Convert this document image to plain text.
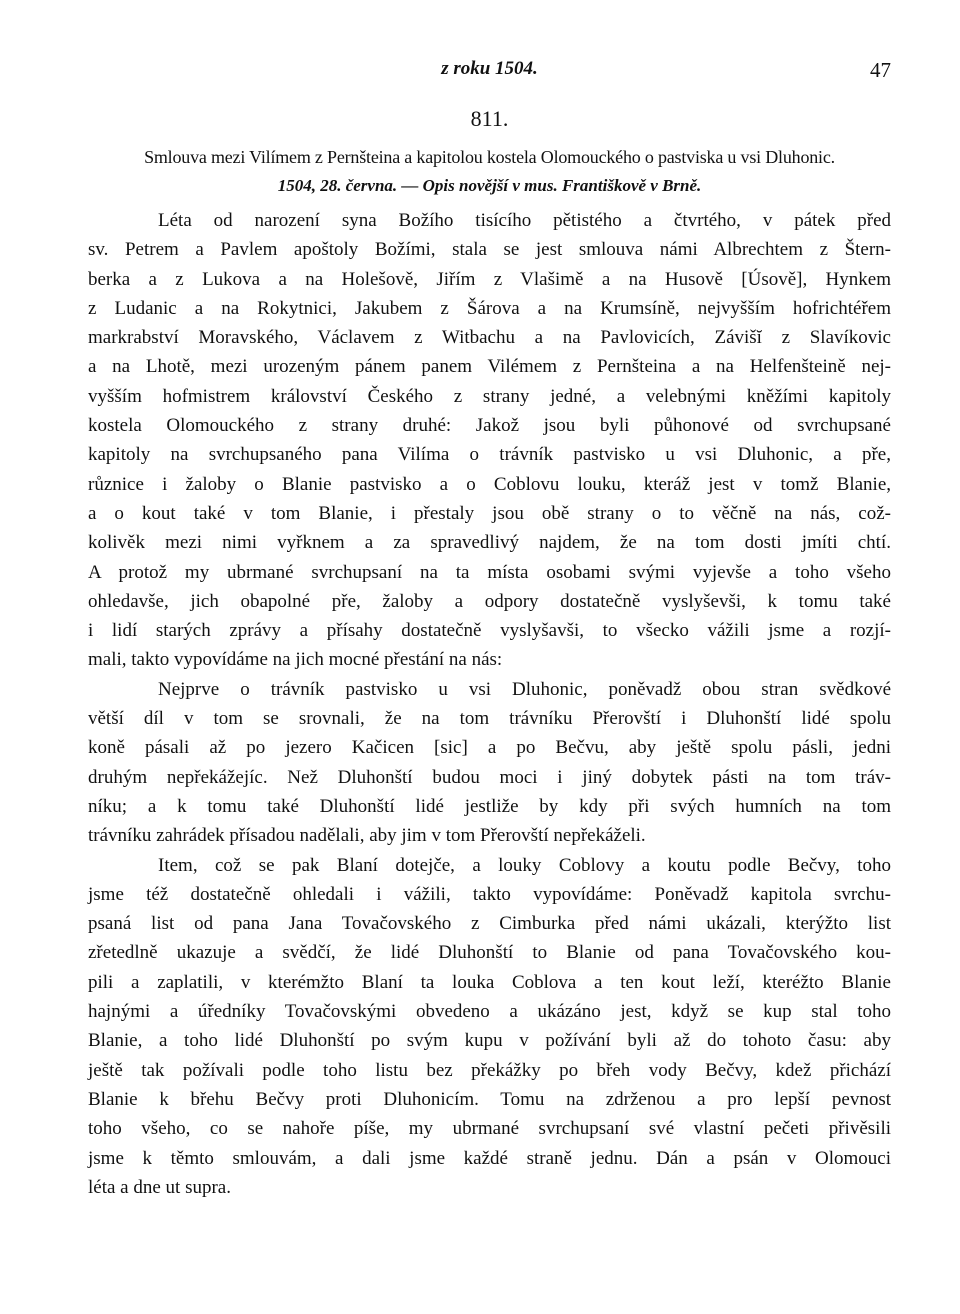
z roku 1504.	47
811.
Smlouva mezi Vilímem z Pernšteina a kapitolou kostela Olomouckého o pastviska u vsi Dluhonic.
1504, 28. června. — Opis novější v mus. Františkově v Brně.
Léta od narození syna Božího tisícího pětistého a čtvrtého, v pátek před
sv. Petrem a Pavlem apoštoly Božími, stala se jest smlouva námi Albrechtem z Štern-
berka a z Lukova a na Holešově, Jiřím z Vlašimě a na Husově [Úsově], Hynkem
z Ludanic a na Rokytnici, Jakubem z Šárova a na Krumsíně, nejvyšším hofrichtéřem
markrabství Moravského, Václavem z Witbachu a na Pavlovicích, Závišĭ z Slavíkovic
a na Lhotě, mezi urozeným pánem panem Vilémem z Pernšteina a na Helfenšteině nej-
vyšším hofmistrem království Českého z strany jedné, a velebnými kněžími kapitoly
kostela Olomouckého z strany druhé: Jakož jsou byli půhonové od svrchupsané
kapitoly na svrchupsaného pana Vilíma o trávník pastvisko u vsi Dluhonic, a pře,
různice i žaloby o Blanie pastvisko a o Coblovu louku, kteráž jest v tomž Blanie,
a o kout také v tom Blanie, i přestaly jsou obě strany o to věčně na nás, což-
kolivěk mezi nimi vyřknem a za spravedlivý najdem, že na tom dosti jmíti chtí.
A protož my ubrmané svrchupsaní na ta místa osobami svými vyjevše a toho všeho
ohledavše, jich obapolné pře, žaloby a odpory dostatečně vyslyševši, k tomu také
i lidí starých zprávy a přísahy dostatečně vyslyšavši, to všecko vážili jsme a rozjí-
mali, takto vypovídáme na jich mocné přestání na nás:
Nejprve o trávník pastvisko u vsi Dluhonic, poněvadž obou stran svědkové
větší díl v tom se srovnali, že na tom trávníku Přerovští i Dluhonští lidé spolu
koně pásali až po jezero Kačicen [sic] a po Bečvu, aby ještě spolu pásli, jedni
druhým nepřekážejíc. Než Dluhonští budou moci i jiný dobytek pásti na tom tráv-
níku; a k tomu také Dluhonští lidé jestliže by kdy při svých humních na tom
trávníku zahrádek přísadou nadělali, aby jim v tom Přerovští nepřekáželi.
Item, což se pak Blaní dotejče, a louky Coblovy a koutu podle Bečvy, toho
jsme též dostatečně ohledali i vážili, takto vypovídáme: Poněvadž kapitola svrchu-
psaná list od pana Jana Tovačovského z Cimburka před námi ukázali, kterýžto list
zřetedlně ukazuje a svědčí, že lidé Dluhonští to Blanie od pana Tovačovského kou-
pili a zaplatili, v kterémžto Blaní ta louka Coblova a ten kout leží, kteréžto Blanie
hajnými a úředníky Tovačovskými obvedeno a ukázáno jest, když se kup stal toho
Blanie, a toho lidé Dluhonští po svým kupu v požívání byli až do tohoto času: aby
ještě tak požívali podle toho listu bez překážky po břeh vody Bečvy, kdež přichází
Blanie k břehu Bečvy proti Dluhonicím. Tomu na zdrženou a pro lepší pevnost
toho všeho, co se nahoře píše, my ubrmané svrchupsaní své vlastní pečeti přivěsili
jsme k těmto smlouvám, a dali jsme každé straně jednu. Dán a psán v Olomouci
léta a dne ut supra.
